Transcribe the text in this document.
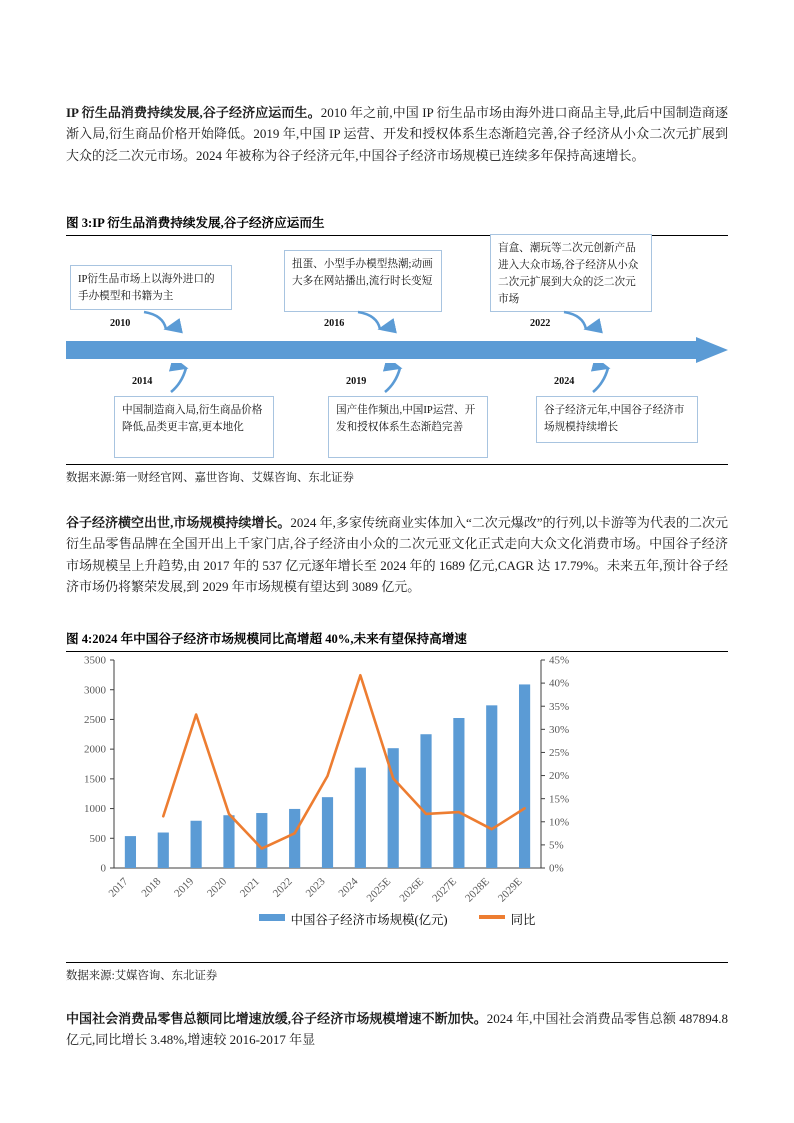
IP 衍生品消费持续发展,谷子经济应运而生。2010 年之前,中国 IP 衍生品市场由海外进口商品主导,此后中国制造商逐渐入局,衍生商品价格开始降低。2019 年,中国 IP 运营、开发和授权体系生态渐趋完善,谷子经济从小众二次元扩展到大众的泛二次元市场。2024 年被称为谷子经济元年,中国谷子经济市场规模已连续多年保持高速增长。
图 3:IP 衍生品消费持续发展,谷子经济应运而生
IP衍生品市场上以海外进口的手办模型和书籍为主
扭蛋、小型手办模型热潮;动画大多在网站播出,流行时长变短
盲盒、潮玩等二次元创新产品进入大众市场,谷子经济从小众二次元扩展到大众的泛二次元市场
2010	2016	2022
2014	2019	2024
中国制造商入局,衍生商品价格降低,品类更丰富,更本地化
国产佳作频出,中国IP运营、开发和授权体系生态渐趋完善
谷子经济元年,中国谷子经济市场规模持续增长
数据来源:第一财经官网、嘉世咨询、艾媒咨询、东北证券
谷子经济横空出世,市场规模持续增长。2024 年,多家传统商业实体加入“二次元爆改”的行列,以卡游等为代表的二次元衍生品零售品牌在全国开出上千家门店,谷子经济由小众的二次元亚文化正式走向大众文化消费市场。中国谷子经济市场规模呈上升趋势,由 2017 年的 537 亿元逐年增长至 2024 年的 1689 亿元,CAGR 达 17.79%。未来五年,预计谷子经济市场仍将繁荣发展,到 2029 年市场规模有望达到 3089 亿元。
图 4:2024 年中国谷子经济市场规模同比高增超 40%,未来有望保持高增速
0
500
1000
1500
2000
2500
3000
3500
0%
5%
10%
15%
20%
25%
30%
35%
40%
45%
2017 2018 2019 2020 2021 2022 2023 2024 2025E 2026E 2027E 2028E 2029E
中国谷子经济市场规模(亿元)	同比
数据来源:艾媒咨询、东北证券
中国社会消费品零售总额同比增速放缓,谷子经济市场规模增速不断加快。2024 年,中国社会消费品零售总额 487894.8 亿元,同比增长 3.48%,增速较 2016-2017 年显
